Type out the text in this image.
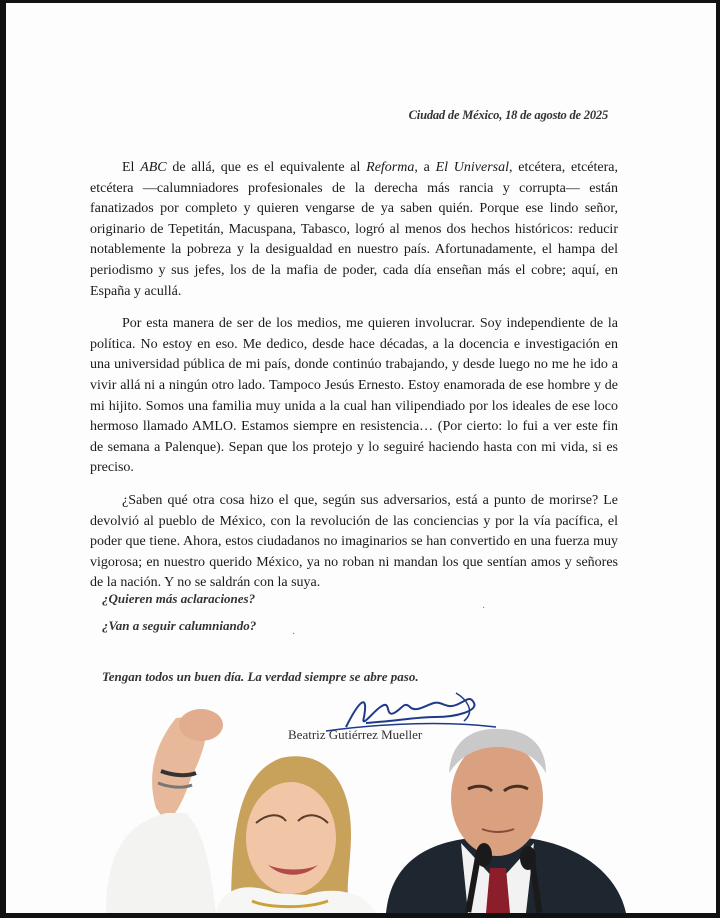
Ciudad de México, 18 de agosto de 2025

El ABC de allá, que es el equivalente al Reforma, a El Universal, etcétera, etcétera, etcétera —calumniadores profesionales de la derecha más rancia y corrupta— están fanatizados por completo y quieren vengarse de ya saben quién. Porque ese lindo señor, originario de Tepetitán, Macuspana, Tabasco, logró al menos dos hechos históricos: reducir notablemente la pobreza y la desigualdad en nuestro país. Afortunadamente, el hampa del periodismo y sus jefes, los de la mafia de poder, cada día enseñan más el cobre; aquí, en España y acullá.

Por esta manera de ser de los medios, me quieren involucrar. Soy independiente de la política. No estoy en eso. Me dedico, desde hace décadas, a la docencia e investigación en una universidad pública de mi país, donde continúo trabajando, y desde luego no me he ido a vivir allá ni a ningún otro lado. Tampoco Jesús Ernesto. Estoy enamorada de ese hombre y de mi hijito. Somos una familia muy unida a la cual han vilipendiado por los ideales de ese loco hermoso llamado AMLO. Estamos siempre en resistencia… (Por cierto: lo fui a ver este fin de semana a Palenque). Sepan que los protejo y lo seguiré haciendo hasta con mi vida, si es preciso.

¿Saben qué otra cosa hizo el que, según sus adversarios, está a punto de morirse? Le devolvió al pueblo de México, con la revolución de las conciencias y por la vía pacífica, el poder que tiene. Ahora, estos ciudadanos no imaginarios se han convertido en una fuerza muy vigorosa; en nuestro querido México, ya no roban ni mandan los que sentían amos y señores de la nación. Y no se saldrán con la suya.

¿Quieren más aclaraciones?
¿Van a seguir calumniando?
·
·
Tengan todos un buen día. La verdad siempre se abre paso.
Beatriz Gutiérrez Mueller
